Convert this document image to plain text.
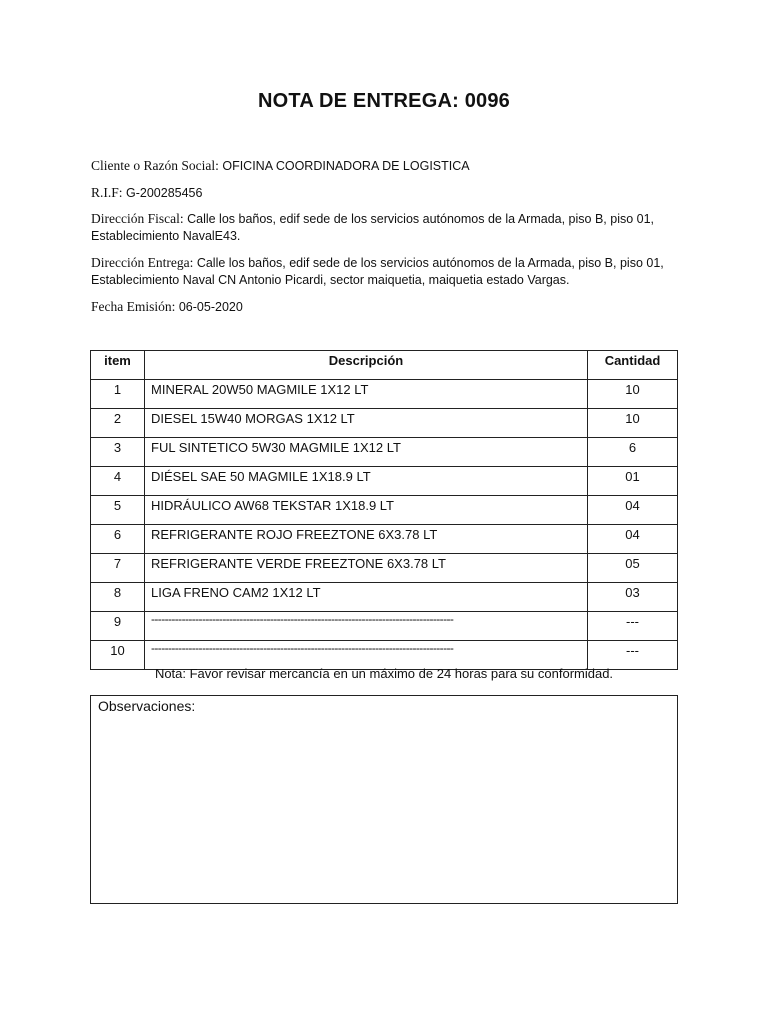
NOTA DE ENTREGA: 0096
Cliente o Razón Social: OFICINA COORDINADORA DE LOGISTICA
R.I.F: G-200285456
Dirección Fiscal: Calle los baños, edif sede de los servicios autónomos de la Armada, piso B, piso 01, Establecimiento NavalE43.
Dirección Entrega: Calle los baños, edif sede de los servicios autónomos de la Armada, piso B, piso 01, Establecimiento Naval CN Antonio Picardi, sector maiquetia, maiquetia estado Vargas.
Fecha Emisión: 06-05-2020
item	Descripción	Cantidad
1	MINERAL 20W50 MAGMILE 1X12 LT	10
2	DIESEL 15W40 MORGAS 1X12 LT	10
3	FUL SINTETICO 5W30 MAGMILE 1X12 LT	6
4	DIÉSEL SAE 50 MAGMILE 1X18.9 LT	01
5	HIDRÁULICO AW68 TEKSTAR 1X18.9 LT	04
6	REFRIGERANTE ROJO FREEZTONE 6X3.78 LT	04
7	REFRIGERANTE VERDE FREEZTONE 6X3.78 LT	05
8	LIGA FRENO CAM2 1X12 LT	03
9	-----------------------------------------------------------------------------------------	---
10	-----------------------------------------------------------------------------------------	---
Nota: Favor revisar mercancía en un máximo de 24 horas para su conformidad.
Observaciones:
